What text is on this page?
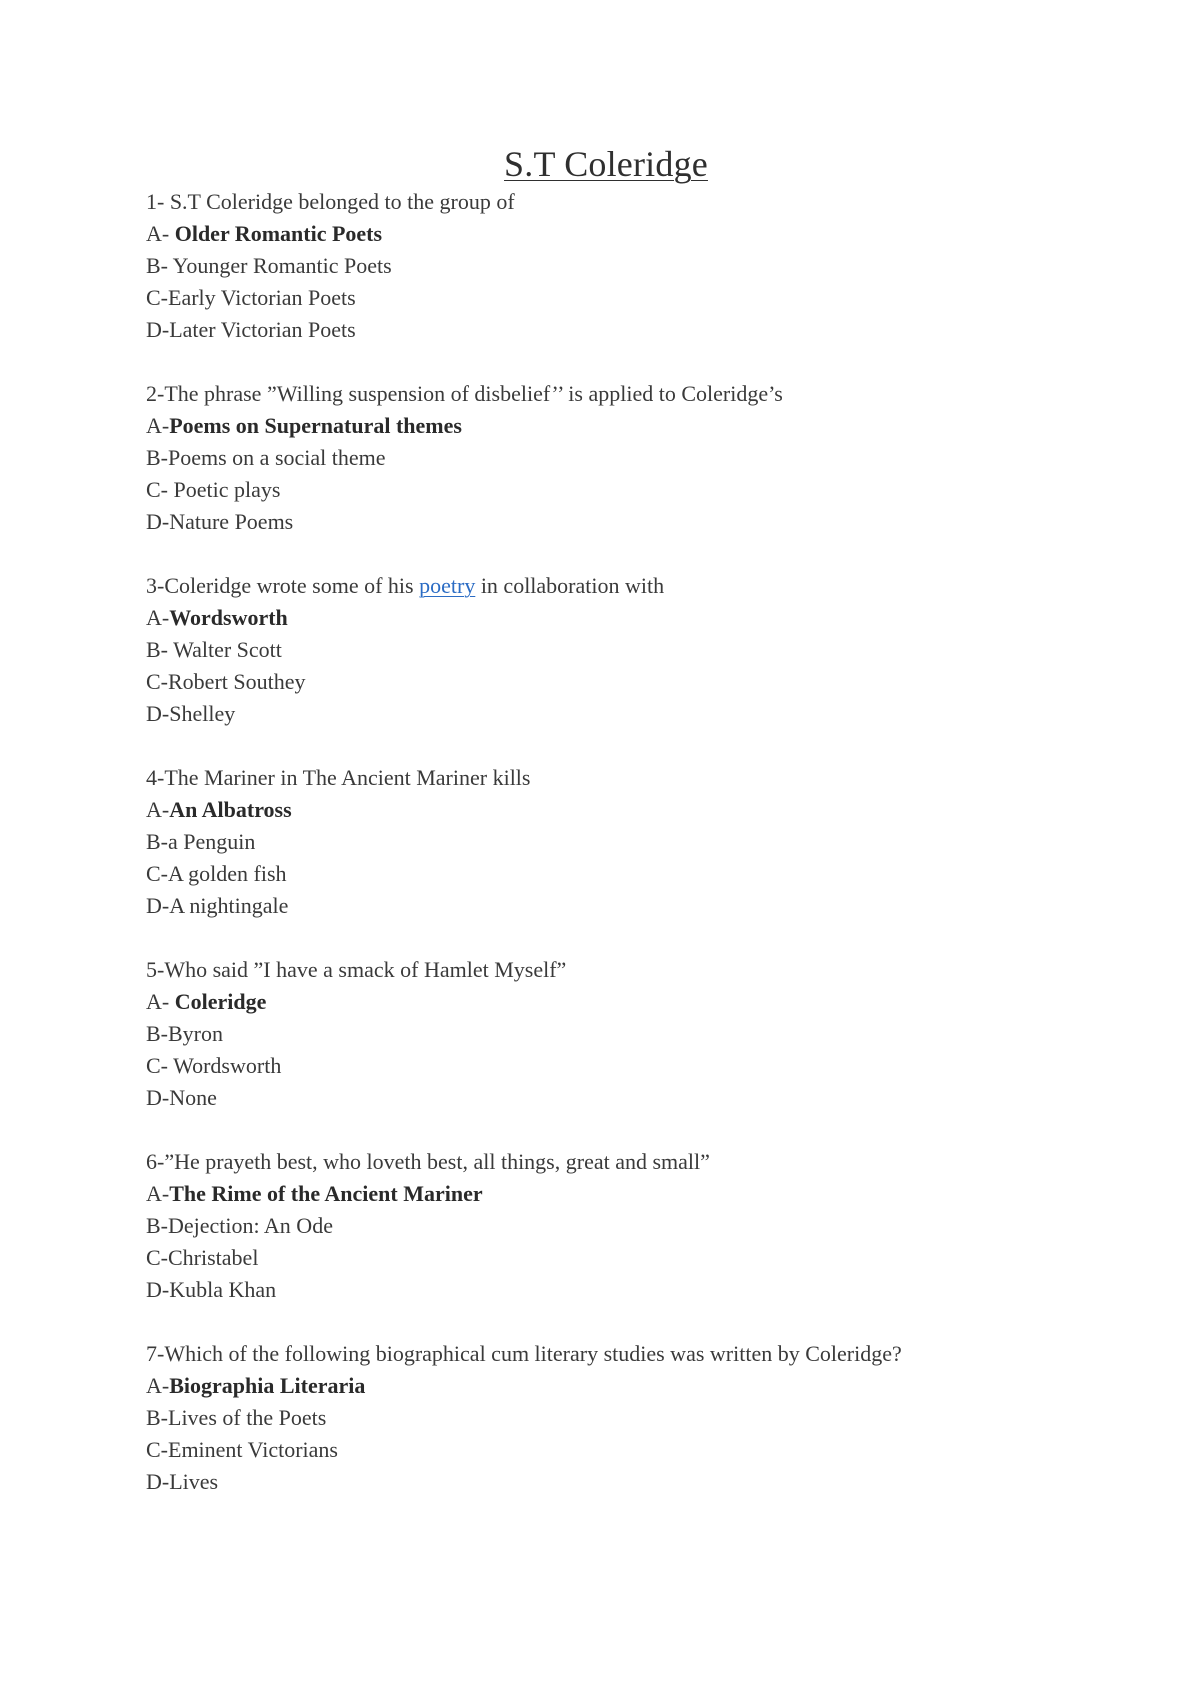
S.T Coleridge
1- S.T Coleridge belonged to the group of
A- Older Romantic Poets
B- Younger Romantic Poets
C-Early Victorian Poets
D-Later Victorian Poets
2-The phrase ”Willing suspension of disbelief’’ is applied to Coleridge’s
A-Poems on Supernatural themes
B-Poems on a social theme
C- Poetic plays
D-Nature Poems
3-Coleridge wrote some of his poetry in collaboration with
A-Wordsworth
B- Walter Scott
C-Robert Southey
D-Shelley
4-The Mariner in The Ancient Mariner kills
A-An Albatross
B-a Penguin
C-A golden fish
D-A nightingale
5-Who said ”I have a smack of Hamlet Myself”
A- Coleridge
B-Byron
C- Wordsworth
D-None
6-”He prayeth best, who loveth best, all things, great and small”
A-The Rime of the Ancient Mariner
B-Dejection: An Ode
C-Christabel
D-Kubla Khan
7-Which of the following biographical cum literary studies was written by Coleridge?
A-Biographia Literaria
B-Lives of the Poets
C-Eminent Victorians
D-Lives
